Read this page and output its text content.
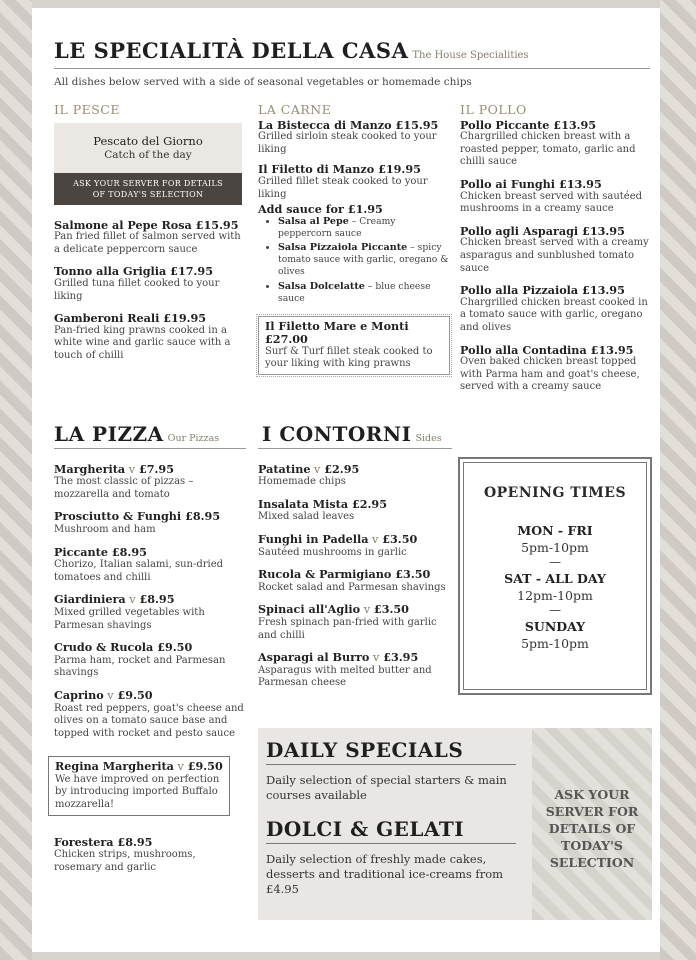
LE SPECIALITÀ DELLA CASA The House Specialities
All dishes below served with a side of seasonal vegetables or homemade chips
IL PESCE
Pescato del Giorno
Catch of the day
ASK YOUR SERVER FOR DETAILS
OF TODAY'S SELECTION
Salmone al Pepe Rosa £15.95
Pan fried fillet of salmon served with a delicate peppercorn sauce
Tonno alla Griglia £17.95
Grilled tuna fillet cooked to your liking
Gamberoni Reali £19.95
Pan-fried king prawns cooked in a white wine and garlic sauce with a touch of chilli
LA CARNE
La Bistecca di Manzo £15.95
Grilled sirloin steak cooked to your liking
Il Filetto di Manzo £19.95
Grilled fillet steak cooked to your liking
Add sauce for £1.95
• Salsa al Pepe – Creamy peppercorn sauce
• Salsa Pizzaiola Piccante – spicy tomato sauce with garlic, oregano & olives
• Salsa Dolcelatte – blue cheese sauce
Il Filetto Mare e Monti £27.00
Surf & Turf fillet steak cooked to your liking with king prawns
IL POLLO
Pollo Piccante £13.95
Chargrilled chicken breast with a roasted pepper, tomato, garlic and chilli sauce
Pollo ai Funghi £13.95
Chicken breast served with sautéed mushrooms in a creamy sauce
Pollo agli Asparagi £13.95
Chicken breast served with a creamy asparagus and sunblushed tomato sauce
Pollo alla Pizzaiola £13.95
Chargrilled chicken breast cooked in a tomato sauce with garlic, oregano and olives
Pollo alla Contadina £13.95
Oven baked chicken breast topped with Parma ham and goat's cheese, served with a creamy sauce
LA PIZZA Our Pizzas
Margherita v £7.95
The most classic of pizzas – mozzarella and tomato
Prosciutto & Funghi £8.95
Mushroom and ham
Piccante £8.95
Chorizo, Italian salami, sun-dried tomatoes and chilli
Giardiniera v £8.95
Mixed grilled vegetables with Parmesan shavings
Crudo & Rucola £9.50
Parma ham, rocket and Parmesan shavings
Caprino v £9.50
Roast red peppers, goat's cheese and olives on a tomato sauce base and topped with rocket and pesto sauce
Regina Margherita v £9.50
We have improved on perfection by introducing imported Buffalo mozzarella!
Forestera £8.95
Chicken strips, mushrooms, rosemary and garlic
I CONTORNI Sides
Patatine v £2.95
Homemade chips
Insalata Mista £2.95
Mixed salad leaves
Funghi in Padella v £3.50
Sautéed mushrooms in garlic
Rucola & Parmigiano £3.50
Rocket salad and Parmesan shavings
Spinaci all'Aglio v £3.50
Fresh spinach pan-fried with garlic and chilli
Asparagi al Burro v £3.95
Asparagus with melted butter and Parmesan cheese
OPENING TIMES
MON - FRI
5pm-10pm
—
SAT - ALL DAY
12pm-10pm
—
SUNDAY
5pm-10pm
DAILY SPECIALS
Daily selection of special starters & main courses available
DOLCI & GELATI
Daily selection of freshly made cakes, desserts and traditional ice-creams from £4.95
ASK YOUR
SERVER FOR
DETAILS OF
TODAY'S
SELECTION
